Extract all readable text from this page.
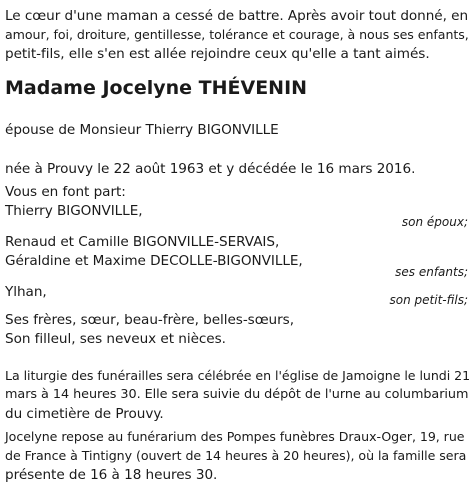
Le cœur d'une maman a cessé de battre. Après avoir tout donné, en
amour, foi, droiture, gentillesse, tolérance et courage, à nous ses enfants,
petit-fils, elle s'en est allée rejoindre ceux qu'elle a tant aimés.
Madame Jocelyne THÉVENIN
épouse de Monsieur Thierry BIGONVILLE
née à Prouvy le 22 août 1963 et y décédée le 16 mars 2016.
Vous en font part:
Thierry BIGONVILLE,
son époux;
Renaud et Camille BIGONVILLE-SERVAIS,
Géraldine et Maxime DECOLLE-BIGONVILLE,
ses enfants;
Ylhan,	son petit-fils;
Ses frères, sœur, beau-frère, belles-sœurs,
Son filleul, ses neveux et nièces.
La liturgie des funérailles sera célébrée en l'église de Jamoigne le lundi 21
mars à 14 heures 30. Elle sera suivie du dépôt de l'urne au columbarium
du cimetière de Prouvy.
Jocelyne repose au funérarium des Pompes funèbres Draux-Oger, 19, rue
de France à Tintigny (ouvert de 14 heures à 20 heures), où la famille sera
présente de 16 à 18 heures 30.
